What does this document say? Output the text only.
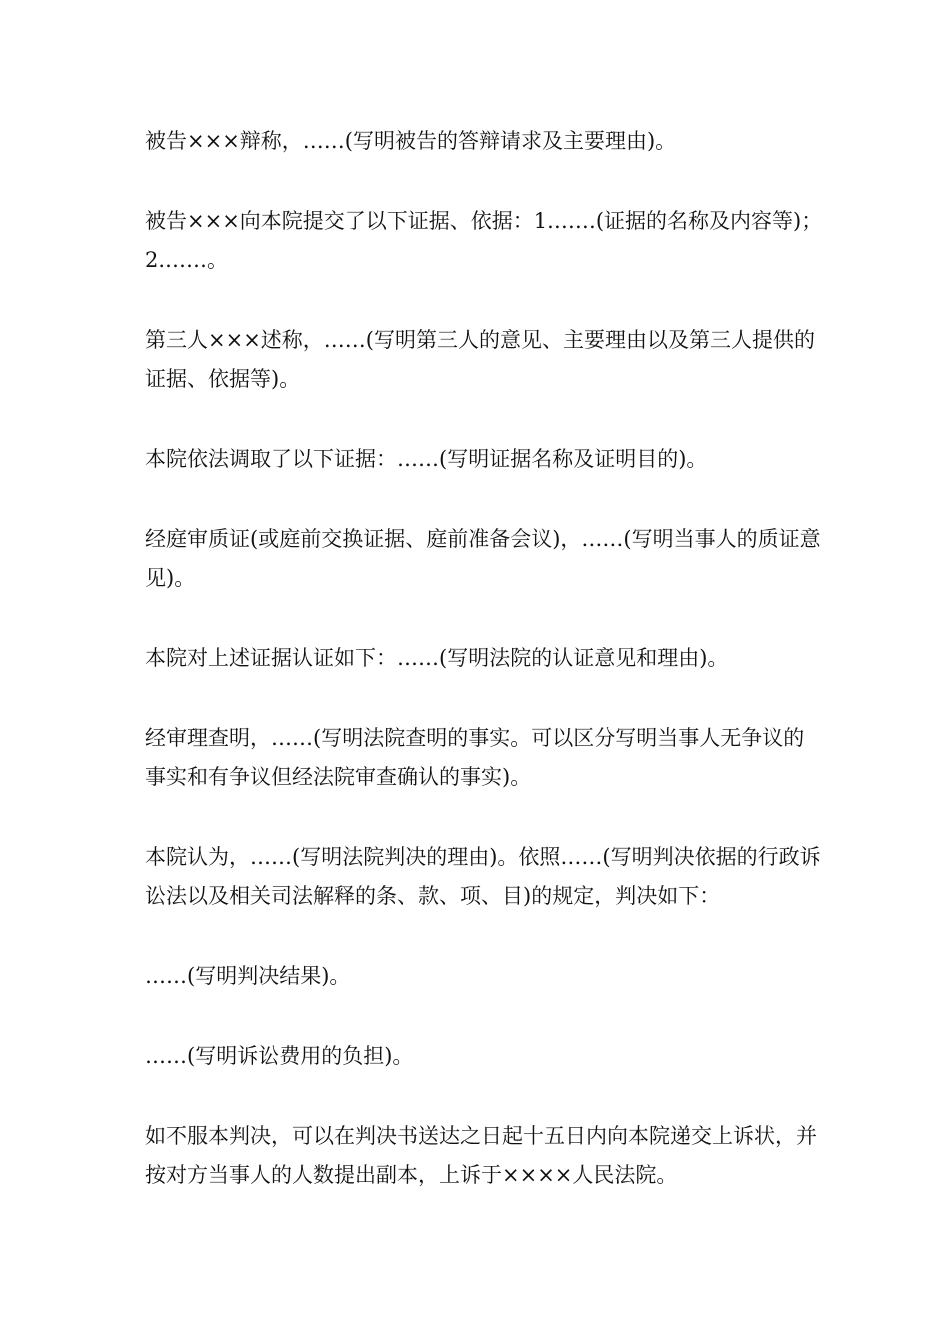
被告×××辩称，……(写明被告的答辩请求及主要理由)。

被告×××向本院提交了以下证据、依据：1.……(证据的名称及内容等)；2.……。

第三人×××述称，……(写明第三人的意见、主要理由以及第三人提供的证据、依据等)。

本院依法调取了以下证据：……(写明证据名称及证明目的)。

经庭审质证(或庭前交换证据、庭前准备会议)，……(写明当事人的质证意见)。

本院对上述证据认证如下：……(写明法院的认证意见和理由)。

经审理查明，……(写明法院查明的事实。可以区分写明当事人无争议的事实和有争议但经法院审查确认的事实)。

本院认为，……(写明法院判决的理由)。依照……(写明判决依据的行政诉讼法以及相关司法解释的条、款、项、目)的规定，判决如下：

……(写明判决结果)。

……(写明诉讼费用的负担)。

如不服本判决，可以在判决书送达之日起十五日内向本院递交上诉状，并按对方当事人的人数提出副本，上诉于××××人民法院。
